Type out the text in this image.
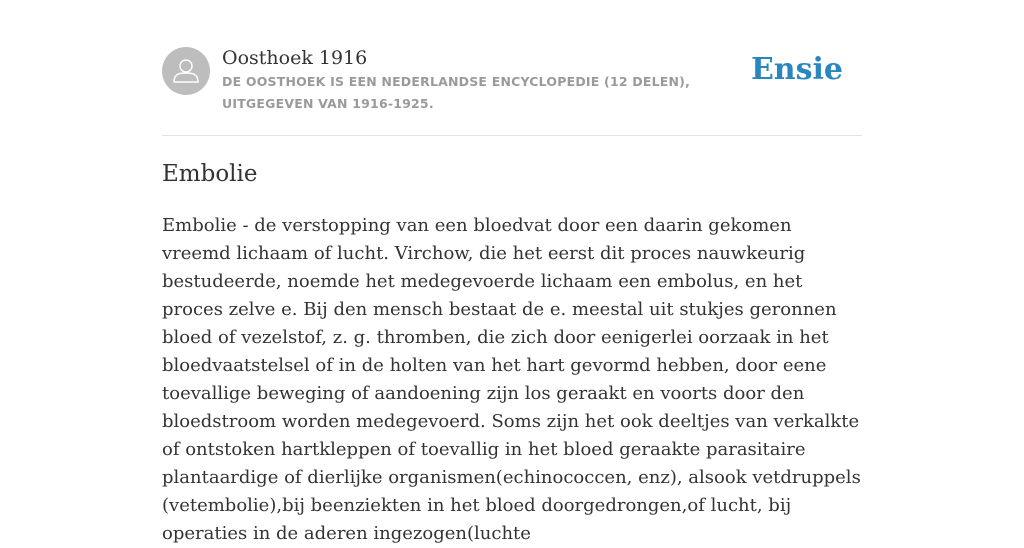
Oosthoek 1916
DE OOSTHOEK IS EEN NEDERLANDSE ENCYCLOPEDIE (12 DELEN), UITGEGEVEN VAN 1916-1925.
Ensie
Embolie

Embolie - de verstopping van een bloedvat door een daarin gekomen vreemd lichaam of lucht. Virchow, die het eerst dit proces nauwkeurig bestudeerde, noemde het medegevoerde lichaam een embolus, en het proces zelve e. Bij den mensch bestaat de e. meestal uit stukjes geronnen bloed of vezelstof, z. g. thromben, die zich door eenigerlei oorzaak in het bloedvaatstelsel of in de holten van het hart gevormd hebben, door eene toevallige beweging of aandoening zijn los geraakt en voorts door den bloedstroom worden medegevoerd. Soms zijn het ook deeltjes van verkalkte of ontstoken hartkleppen of toevallig in het bloed geraakte parasitaire plantaardige of dierlijke organismen(echinococcen, enz), alsook vetdruppels (vetembolie),bij beenziekten in het bloed doorgedrongen,of lucht, bij operaties in de aderen ingezogen(luchte
